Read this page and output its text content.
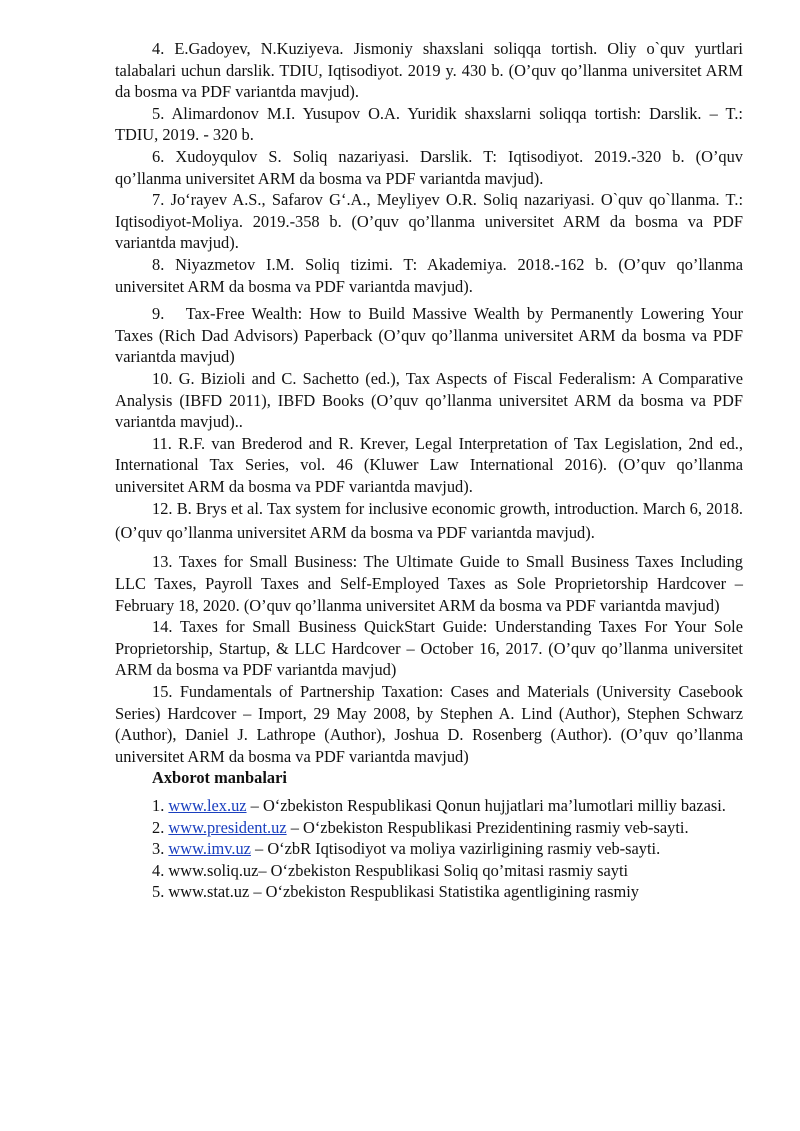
4. E.Gadoyev, N.Kuziyeva. Jismoniy shaxslani soliqqa tortish. Oliy o`quv yurtlari talabalari uchun darslik. TDIU, Iqtisodiyot. 2019 y. 430 b. (O’quv qo’llanma universitet ARM da bosma va PDF variantda mavjud).

5. Alimardonov M.I. Yusupov O.A. Yuridik shaxslarni soliqqa tortish: Darslik. – T.: TDIU, 2019. - 320 b.

6. Xudoyqulov S. Soliq nazariyasi. Darslik. T: Iqtisodiyot. 2019.-320 b. (O’quv qo’llanma universitet ARM da bosma va PDF variantda mavjud).

7. Jo‘rayev A.S., Safarov G‘.A., Meyliyev O.R. Soliq nazariyasi. O`quv qo`llanma. T.: Iqtisodiyot-Moliya. 2019.-358 b. (O’quv qo’llanma universitet ARM da bosma va PDF variantda mavjud).

8. Niyazmetov I.M. Soliq tizimi. T: Akademiya. 2018.-162 b. (O’quv qo’llanma universitet ARM da bosma va PDF variantda mavjud).

9. Tax-Free Wealth: How to Build Massive Wealth by Permanently Lowering Your Taxes (Rich Dad Advisors) Paperback (O’quv qo’llanma universitet ARM da bosma va PDF variantda mavjud)

10. G. Bizioli and C. Sachetto (ed.), Tax Aspects of Fiscal Federalism: A Comparative Analysis (IBFD 2011), IBFD Books (O’quv qo’llanma universitet ARM da bosma va PDF variantda mavjud)..

11. R.F. van Brederod and R. Krever, Legal Interpretation of Tax Legislation, 2nd ed., International Tax Series, vol. 46 (Kluwer Law International 2016). (O’quv qo’llanma universitet ARM da bosma va PDF variantda mavjud).

12. B. Brys et al. Tax system for inclusive economic growth, introduction. March 6, 2018. (O’quv qo’llanma universitet ARM da bosma va PDF variantda mavjud).

13. Taxes for Small Business: The Ultimate Guide to Small Business Taxes Including LLC Taxes, Payroll Taxes and Self-Employed Taxes as Sole Proprietorship Hardcover – February 18, 2020. (O’quv qo’llanma universitet ARM da bosma va PDF variantda mavjud)

14. Taxes for Small Business QuickStart Guide: Understanding Taxes For Your Sole Proprietorship, Startup, & LLC Hardcover – October 16, 2017. (O’quv qo’llanma universitet ARM da bosma va PDF variantda mavjud)

15. Fundamentals of Partnership Taxation: Cases and Materials (University Casebook Series) Hardcover – Import, 29 May 2008, by Stephen A. Lind (Author), Stephen Schwarz (Author), Daniel J. Lathrope (Author), Joshua D. Rosenberg (Author). (O’quv qo’llanma universitet ARM da bosma va PDF variantda mavjud)

Axborot manbalari

1. www.lex.uz – O‘zbekiston Respublikasi Qonun hujjatlari ma’lumotlari milliy bazasi.

2. www.president.uz – O‘zbekiston Respublikasi Prezidentining rasmiy veb-sayti.

3. www.imv.uz – O‘zbR Iqtisodiyot va moliya vazirligining rasmiy veb-sayti.

4. www.soliq.uz– O‘zbekiston Respublikasi Soliq qo’mitasi rasmiy sayti

5. www.stat.uz – O‘zbekiston Respublikasi Statistika agentligining rasmiy
